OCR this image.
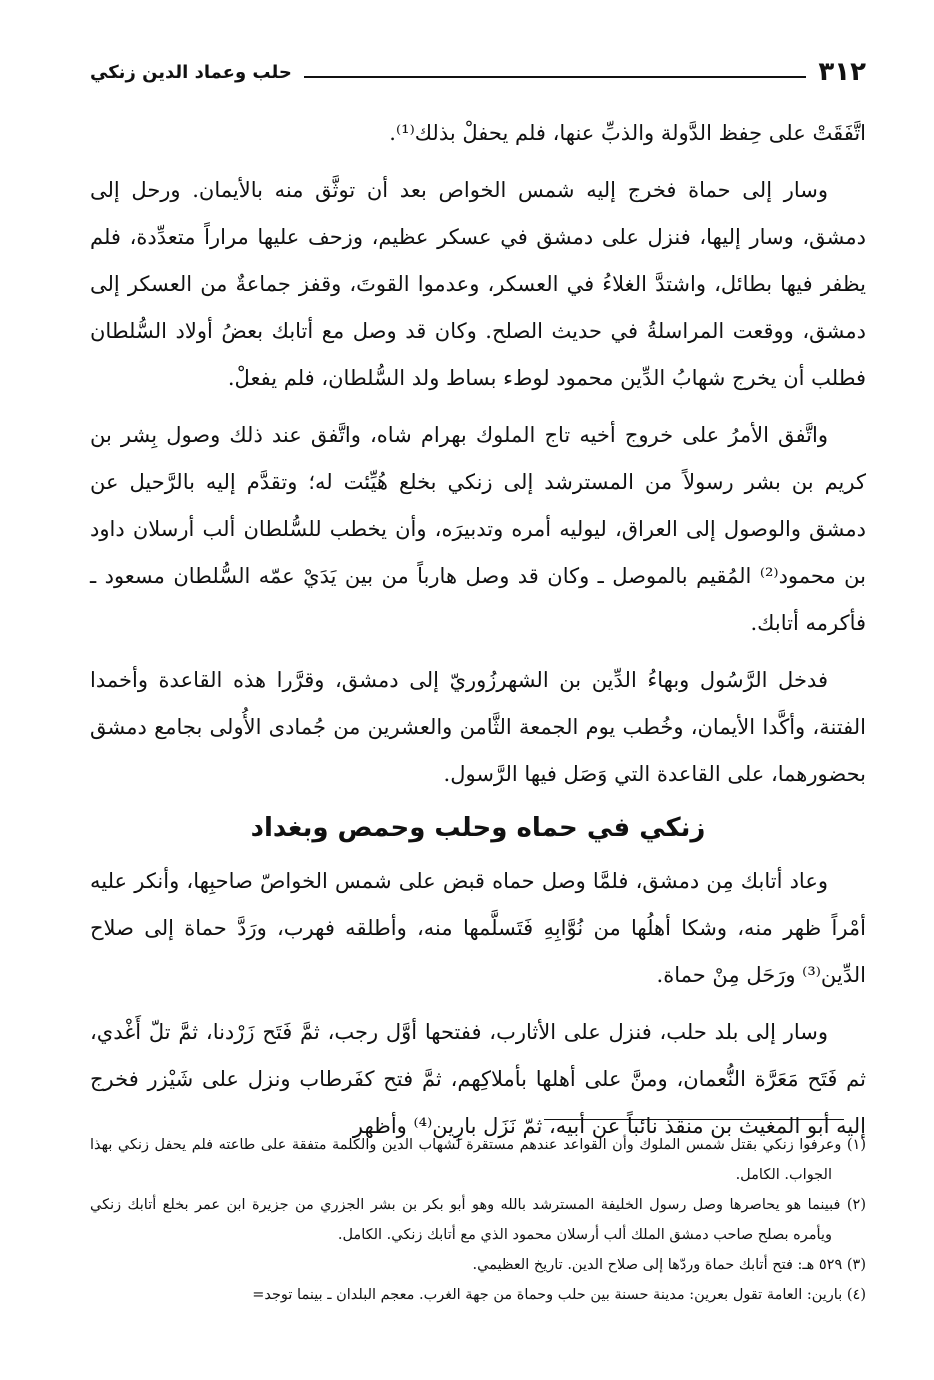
٣١٢
حلب وعماد الدين زنكي

اتَّفَقَتْ على حِفظ الدَّولة والذبِّ عنها، فلم يحفلْ بذلك⁽¹⁾.

وسار إلى حماة فخرج إليه شمس الخواص بعد أن توثَّق منه بالأيمان. ورحل إلى دمشق، وسار إليها، فنزل على دمشق في عسكر عظيم، وزحف عليها مراراً متعدِّدة، فلم يظفر فيها بطائل، واشتدَّ الغلاءُ في العسكر، وعدموا القوتَ، وقفز جماعةٌ من العسكر إلى دمشق، ووقعت المراسلةُ في حديث الصلح. وكان قد وصل مع أتابك بعضُ أولاد السُّلطان فطلب أن يخرج شهابُ الدِّين محمود لوطء بساط ولد السُّلطان، فلم يفعلْ.

واتَّفق الأمرُ على خروج أخيه تاج الملوك بهرام شاه، واتَّفق عند ذلك وصول بِشر بن كريم بن بشر رسولاً من المسترشد إلى زنكي بخلع هُيِّئت له؛ وتقدَّم إليه بالرَّحيل عن دمشق والوصول إلى العراق، ليوليه أمره وتدبيرَه، وأن يخطب للسُّلطان ألب أرسلان داود بن محمود⁽²⁾ المُقيم بالموصل ـ وكان قد وصل هارباً من بين يَدَيْ عمّه السُّلطان مسعود ـ فأكرمه أتابك.

فدخل الرَّسُول وبهاءُ الدِّين بن الشهرزُوريّ إلى دمشق، وقرَّرا هذه القاعدة وأخمدا الفتنة، وأكَّدا الأيمان، وخُطب يوم الجمعة الثَّامن والعشرين من جُمادى الأُولى بجامع دمشق بحضورهما، على القاعدة التي وَصَل فيها الرَّسول.

زنكي في حماه وحلب وحمص وبغداد

وعاد أتابك مِن دمشق، فلمَّا وصل حماه قبض على شمس الخواصّ صاحبِها، وأنكر عليه أمْراً ظهر منه، وشكا أهلُها من نُوَّابِهِ فَتَسلَّمها منه، وأطلقه فهرب، ورَدَّ حماة إلى صلاح الدِّين⁽³⁾ ورَحَل مِنْ حماة.

وسار إلى بلد حلب، فنزل على الأثارب، ففتحها أوَّل رجب، ثمَّ فَتَح زَرْدنا، ثمَّ تلّ أَغْدي، ثم فَتَح مَعَرَّة النُّعمان، ومنَّ على أهلها بأملاكِهم، ثمَّ فتح كفَرطاب ونزل على شَيْزر فخرج إليه أبو المغيث بن منقذ نائباً عن أبيه، ثمّ نَزَل بارِين⁽⁴⁾ وأظهر

(١) وعرفوا زنكي بقتل شمس الملوك وأن القواعد عندهم مستقرة لشهاب الدين والكلمة متفقة على طاعته فلم يحفل زنكي بهذا الجواب. الكامل.

(٢) فبينما هو يحاصرها وصل رسول الخليفة المسترشد بالله وهو أبو بكر بن بشر الجزري من جزيرة ابن عمر بخلع أتابك زنكي ويأمره بصلح صاحب دمشق الملك ألب أرسلان محمود الذي مع أتابك زنكي. الكامل.

(٣) ٥٢٩ هـ: فتح أتابك حماة وردّها إلى صلاح الدين. تاريخ العظيمي.

(٤) بارين: العامة تقول بعرين: مدينة حسنة بين حلب وحماة من جهة الغرب. معجم البلدان ـ بينما توجد=
